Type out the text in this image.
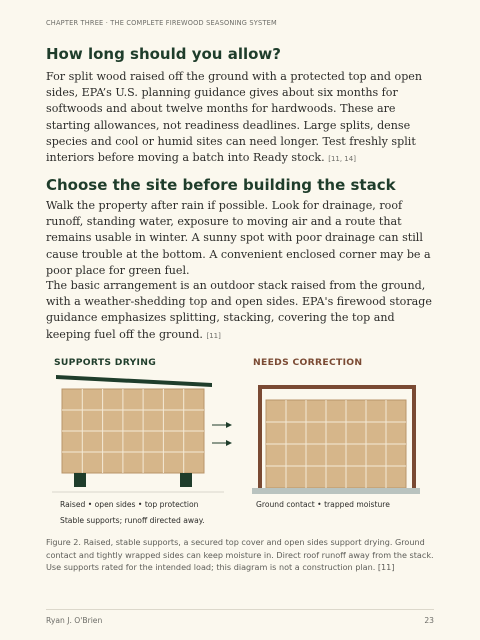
CHAPTER THREE · THE COMPLETE FIREWOOD SEASONING SYSTEM
How long should you allow?

For split wood raised off the ground with a protected top and open sides, EPA’s U.S. planning guidance gives about six months for softwoods and about twelve months for hardwoods. These are starting allowances, not readiness deadlines. Large splits, dense species and cool or humid sites can need longer. Test freshly split interiors before moving a batch into Ready stock. [11, 14]

Choose the site before building the stack

Walk the property after rain if possible. Look for drainage, roof runoff, standing water, exposure to moving air and a route that remains usable in winter. A sunny spot with poor drainage can still cause trouble at the bottom. A convenient enclosed corner may be a poor place for green fuel.

The basic arrangement is an outdoor stack raised from the ground, with a weather-shedding top and open sides. EPA's firewood storage guidance emphasizes splitting, stacking, covering the top and keeping fuel off the ground. [11]

SUPPORTS DRYING	NEEDS CORRECTION
Raised • open sides • top protection
Stable supports; runoff directed away.
Ground contact • trapped moisture

Figure 2. Raised, stable supports, a secured top cover and open sides support drying. Ground contact and tightly wrapped sides can keep moisture in. Direct roof runoff away from the stack. Use supports rated for the intended load; this diagram is not a construction plan. [11]

Ryan J. O'Brien	23
